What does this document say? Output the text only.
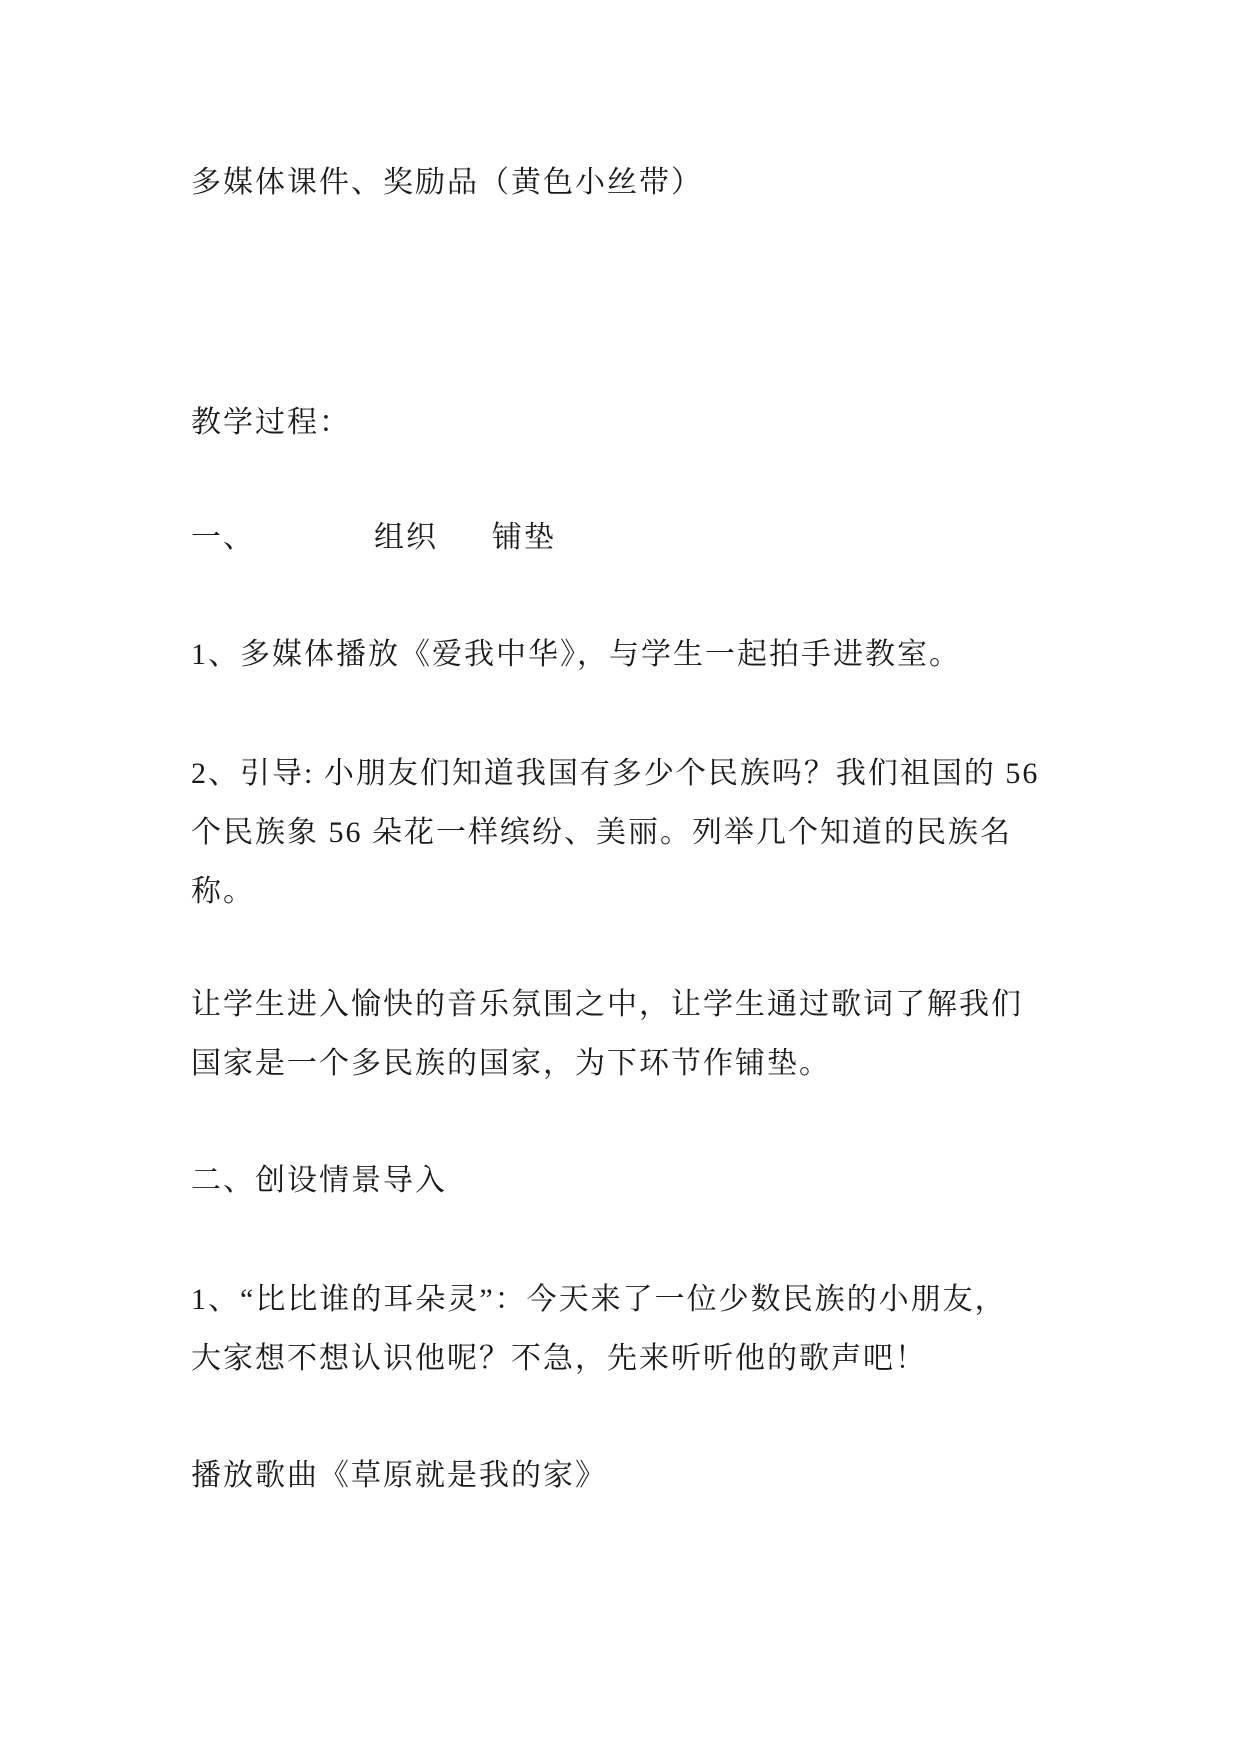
多媒体课件、奖励品（黄色小丝带）
教学过程：
一、	组织 铺垫
1、多媒体播放《爱我中华》，与学生一起拍手进教室。
2、引导: 小朋友们知道我国有多少个民族吗？我们祖国的 56
个民族象 56 朵花一样缤纷、美丽。列举几个知道的民族名
称。
让学生进入愉快的音乐氛围之中，让学生通过歌词了解我们
国家是一个多民族的国家，为下环节作铺垫。
二、创设情景导入
1、“比比谁的耳朵灵”：今天来了一位少数民族的小朋友，
大家想不想认识他呢？不急，先来听听他的歌声吧！
播放歌曲《草原就是我的家》
